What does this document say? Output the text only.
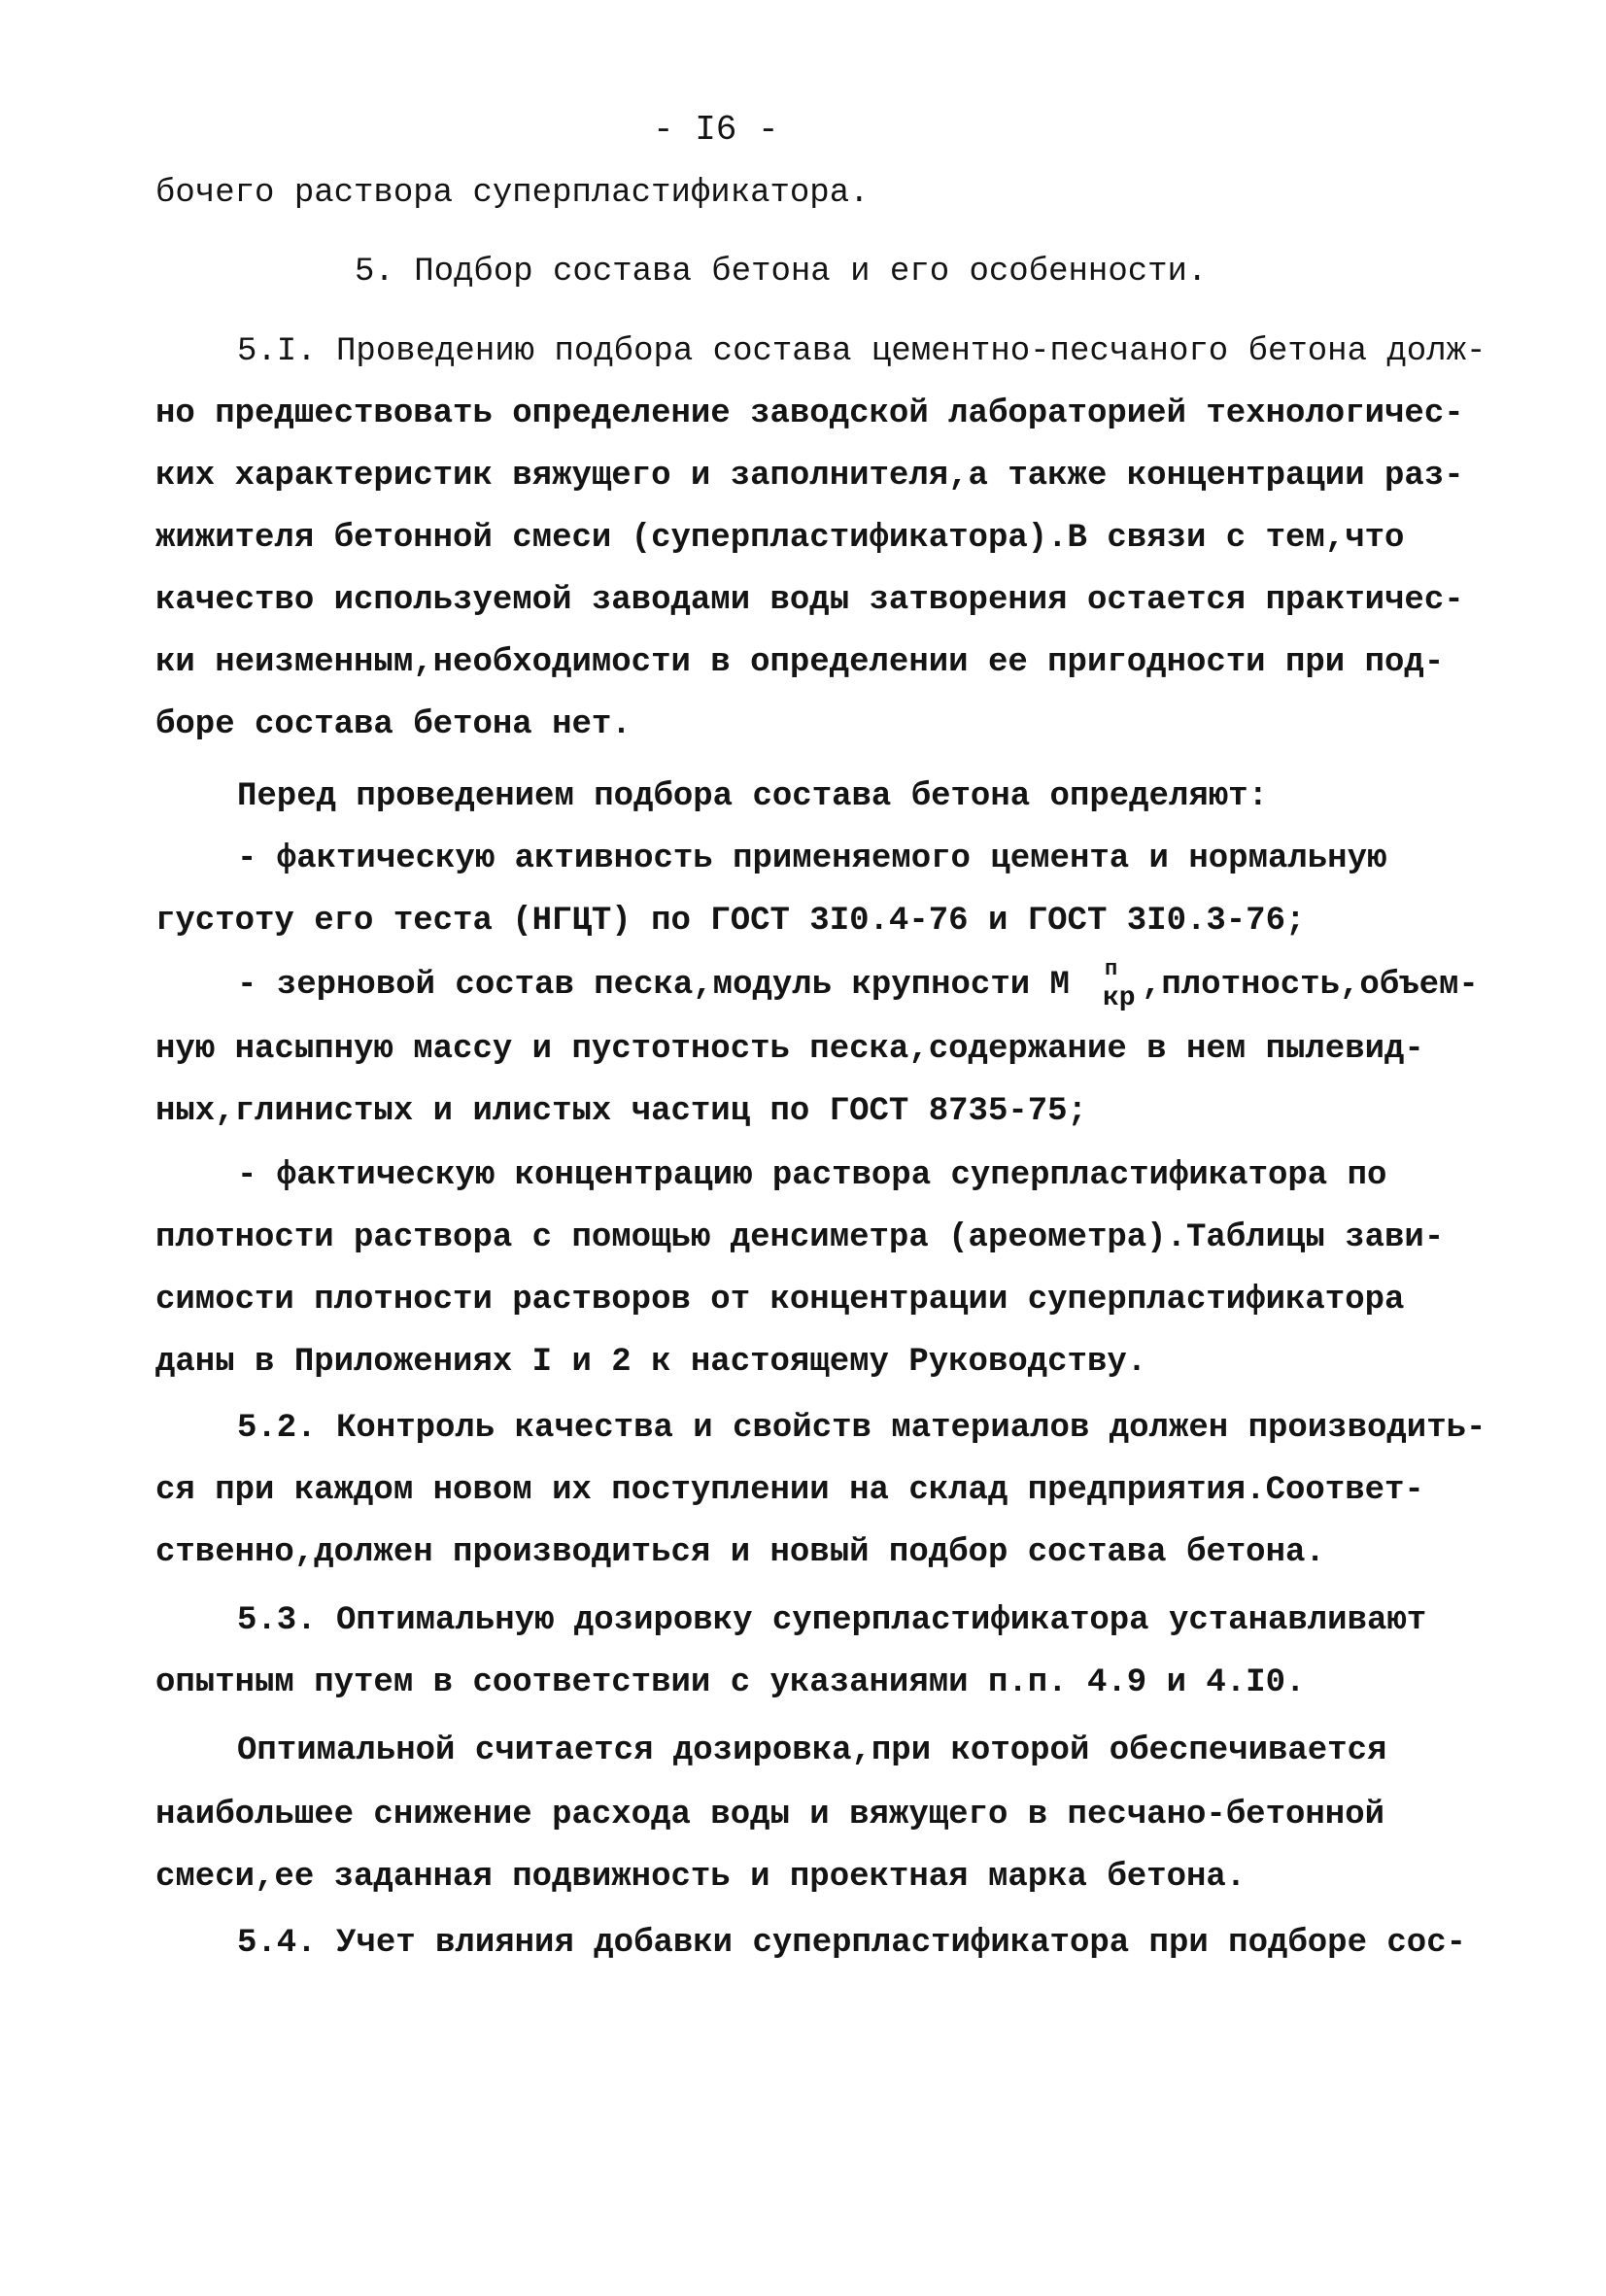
- I6 -
бочего раствора суперпластификатора.
5. Подбор состава бетона и его особенности.
5.I. Проведению подбора состава цементно-песчаного бетона долж-
но предшествовать определение заводской лабораторией технологичес-
ких характеристик вяжущего и заполнителя,а также концентрации раз-
жижителя бетонной смеси (суперпластификатора).В связи с тем,что
качество используемой заводами воды затворения остается практичес-
ки неизменным,необходимости в определении ее пригодности при под-
боре состава бетона нет.
Перед проведением подбора состава бетона определяют:
- фактическую активность применяемого цемента и нормальную
густоту его теста (НГЦТ) по ГОСТ 3I0.4-76 и ГОСТ 3I0.3-76;
- зерновой состав песка,модуль крупности М п
кр ,плотность,объем-
ную насыпную массу и пустотность песка,содержание в нем пылевид-
ных,глинистых и илистых частиц по ГОСТ 8735-75;
- фактическую концентрацию раствора суперпластификатора по
плотности раствора с помощью денсиметра (ареометра).Таблицы зави-
симости плотности растворов от концентрации суперпластификатора
даны в Приложениях I и 2 к настоящему Руководству.
5.2. Контроль качества и свойств материалов должен производить-
ся при каждом новом их поступлении на склад предприятия.Соответ-
ственно,должен производиться и новый подбор состава бетона.
5.3. Оптимальную дозировку суперпластификатора устанавливают
опытным путем в соответствии с указаниями п.п. 4.9 и 4.I0.
Оптимальной считается дозировка,при которой обеспечивается
наибольшее снижение расхода воды и вяжущего в песчано-бетонной
смеси,ее заданная подвижность и проектная марка бетона.
5.4. Учет влияния добавки суперпластификатора при подборе сос-
